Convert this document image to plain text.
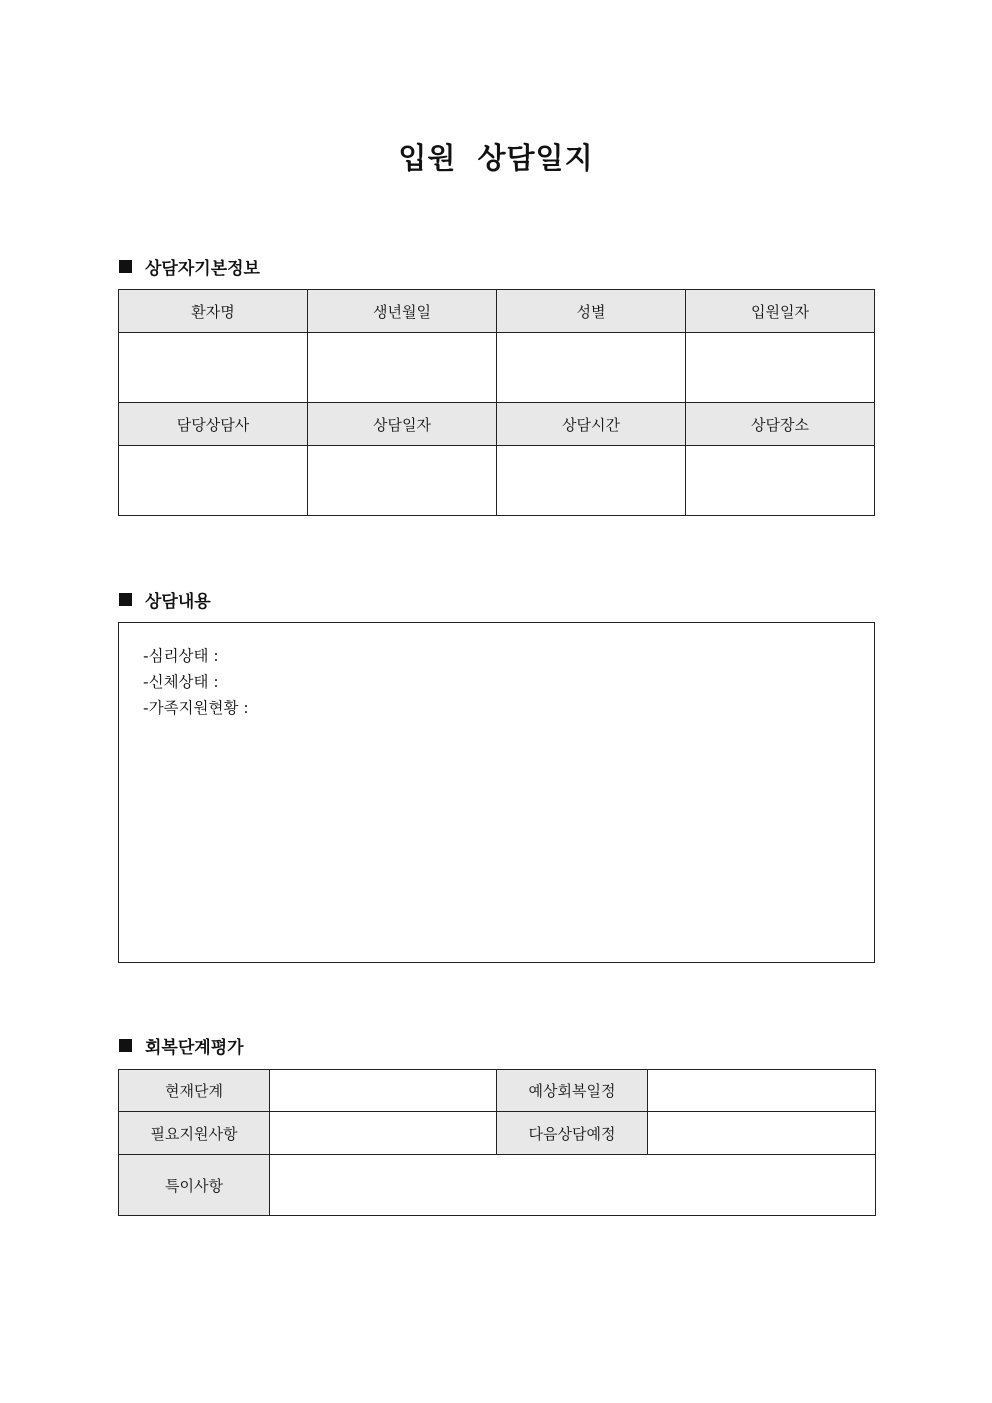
입원 상담일지
상담자기본정보
환자명	생년월일	성별	입원일자

담당상담사	상담일자	상담시간	상담장소

상담내용
-심리상태 :
-신체상태 :
-가족지원현황 :
회복단계평가
현재단계		예상회복일정	
필요지원사항		다음상담예정	
특이사항			
